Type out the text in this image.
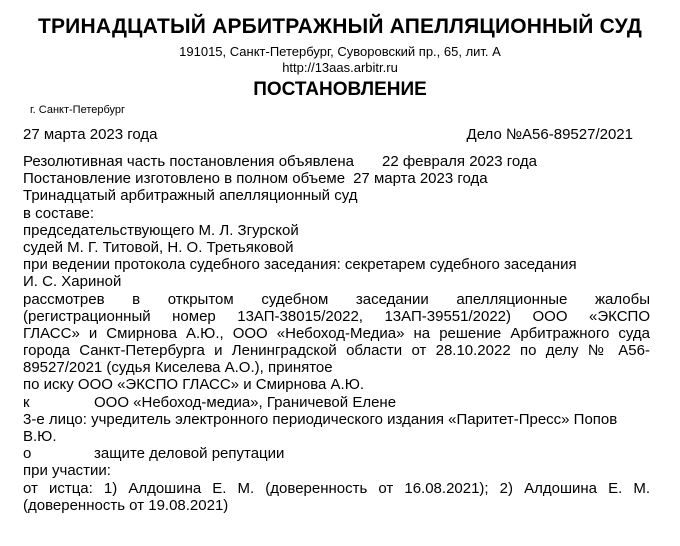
ТРИНАДЦАТЫЙ АРБИТРАЖНЫЙ АПЕЛЛЯЦИОННЫЙ СУД
191015, Санкт-Петербург, Суворовский пр., 65, лит. А
http://13aas.arbitr.ru
ПОСТАНОВЛЕНИЕ
г. Санкт-Петербург
27 марта 2023 года	Дело №А56-89527/2021
Резолютивная часть постановления объявлена 22 февраля 2023 года
Постановление изготовлено в полном объеме 27 марта 2023 года
Тринадцатый арбитражный апелляционный суд
в составе:
председательствующего М. Л. Згурской
судей М. Г. Титовой, Н. О. Третьяковой
при ведении протокола судебного заседания: секретарем судебного заседания
И. С. Хариной
рассмотрев в открытом судебном заседании апелляционные жалобы
(регистрационный номер 13АП-38015/2022, 13АП-39551/2022) ООО «ЭКСПО
ГЛАСС» и Смирнова А.Ю., ООО «Небоход-Медиа» на решение Арбитражного суда
города Санкт-Петербурга и Ленинградской области от 28.10.2022 по делу № А56-
89527/2021 (судья Киселева А.О.), принятое
по иску ООО «ЭКСПО ГЛАСС» и Смирнова А.Ю.
к	ООО «Небоход-медиа», Граничевой Елене
3-е лицо: учредитель электронного периодического издания «Паритет-Пресс» Попов
В.Ю.
о	защите деловой репутации
при участии:
от истца: 1) Алдошина Е. М. (доверенность от 16.08.2021); 2) Алдошина Е. М.
(доверенность от 19.08.2021)
